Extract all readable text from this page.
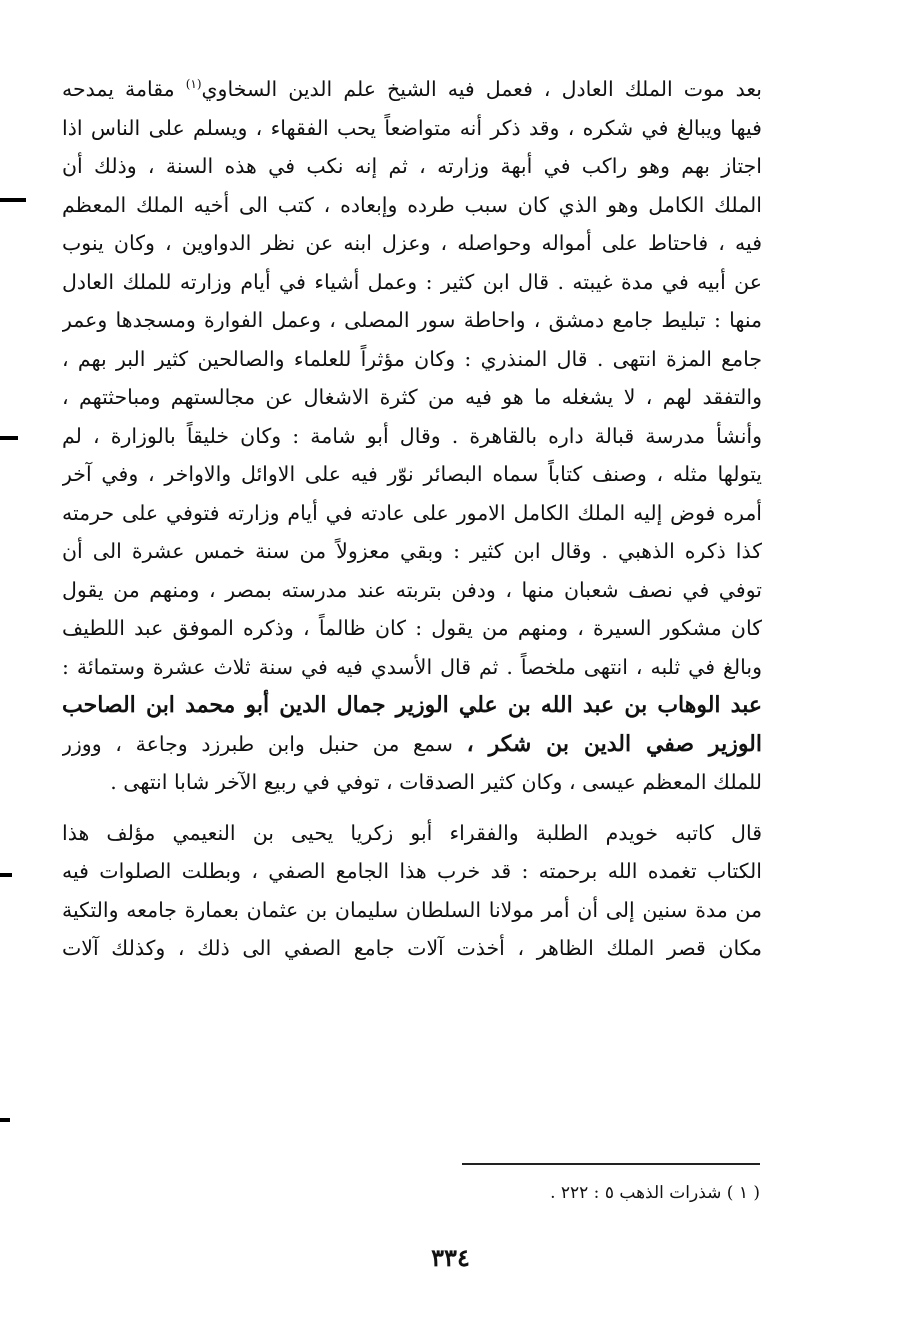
بعد موت الملك العادل ، فعمل فيه الشيخ علم الدين السخاوي$^{(١)}$ مقامة يمدحه
فيها ويبالغ في شكره ، وقد ذكر أنه متواضعاً يحب الفقهاء ، ويسلم على الناس اذا
اجتاز بهم وهو راكب في أبهة وزارته ، ثم إنه نكب في هذه السنة ، وذلك أن
الملك الكامل وهو الذي كان سبب طرده وإبعاده ، كتب الى أخيه الملك المعظم
فيه ، فاحتاط على أمواله وحواصله ، وعزل ابنه عن نظر الدواوين ، وكان ينوب
عن أبيه في مدة غيبته . قال ابن كثير : وعمل أشياء في أيام وزارته للملك العادل
منها : تبليط جامع دمشق ، واحاطة سور المصلى ، وعمل الفوارة ومسجدها وعمر
جامع المزة انتهى . قال المنذري : وكان مؤثراً للعلماء والصالحين كثير البر بهم ،
والتفقد لهم ، لا يشغله ما هو فيه من كثرة الاشغال عن مجالستهم ومباحثتهم ،
وأنشأ مدرسة قبالة داره بالقاهرة . وقال أبو شامة : وكان خليقاً بالوزارة ، لم
يتولها مثله ، وصنف كتاباً سماه البصائر نوّر فيه على الاوائل والاواخر ، وفي آخر
أمره فوض إليه الملك الكامل الامور على عادته في أيام وزارته فتوفي على حرمته
كذا ذكره الذهبي . وقال ابن كثير : وبقي معزولاً من سنة خمس عشرة الى أن
توفي في نصف شعبان منها ، ودفن بتربته عند مدرسته بمصر ، ومنهم من يقول
كان مشكور السيرة ، ومنهم من يقول : كان ظالماً ، وذكره الموفق عبد اللطيف
وبالغ في ثلبه ، انتهى ملخصاً . ثم قال الأسدي فيه في سنة ثلاث عشرة وستمائة :
عبد الوهاب بن عبد الله بن علي الوزير جمال الدين أبو محمد ابن الصاحب
الوزير صفي الدين بن شكر ، سمع من حنبل وابن طبرزد وجاعة ، ووزر
للملك المعظم عيسى ، وكان كثير الصدقات ، توفي في ربيع الآخر شابا انتهى .
قال كاتبه خويدم الطلبة والفقراء أبو زكريا يحيى بن النعيمي مؤلف هذا
الكتاب تغمده الله برحمته : قد خرب هذا الجامع الصفي ، وبطلت الصلوات فيه
من مدة سنين إلى أن أمر مولانا السلطان سليمان بن عثمان بعمارة جامعه والتكية
مكان قصر الملك الظاهر ، أخذت آلات جامع الصفي الى ذلك ، وكذلك آلات
( ١ ) شذرات الذهب ٥ : ٢٢٢ .
٣٣٤
